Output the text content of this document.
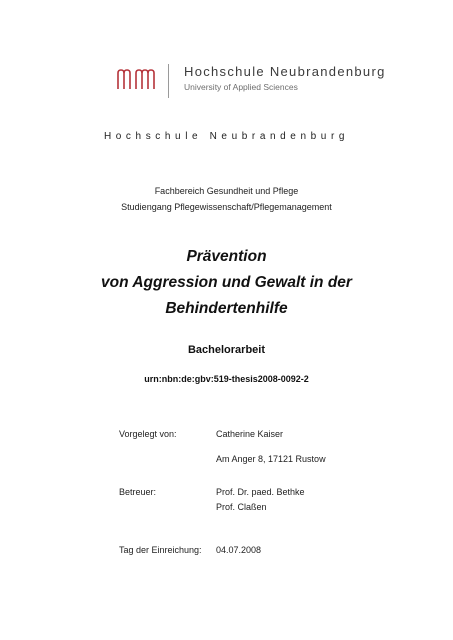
Hochschule Neubrandenburg
University of Applied Sciences
Hochschule Neubrandenburg
Fachbereich Gesundheit und Pflege
Studiengang Pflegewissenschaft/Pflegemanagement
Prävention
von Aggression und Gewalt in der
Behindertenhilfe
Bachelorarbeit
urn:nbn:de:gbv:519-thesis2008-0092-2
Vorgelegt von:	Catherine Kaiser
Am Anger 8, 17121 Rustow
Betreuer:	Prof. Dr. paed. Bethke
Prof. Claßen
Tag der Einreichung: 04.07.2008
